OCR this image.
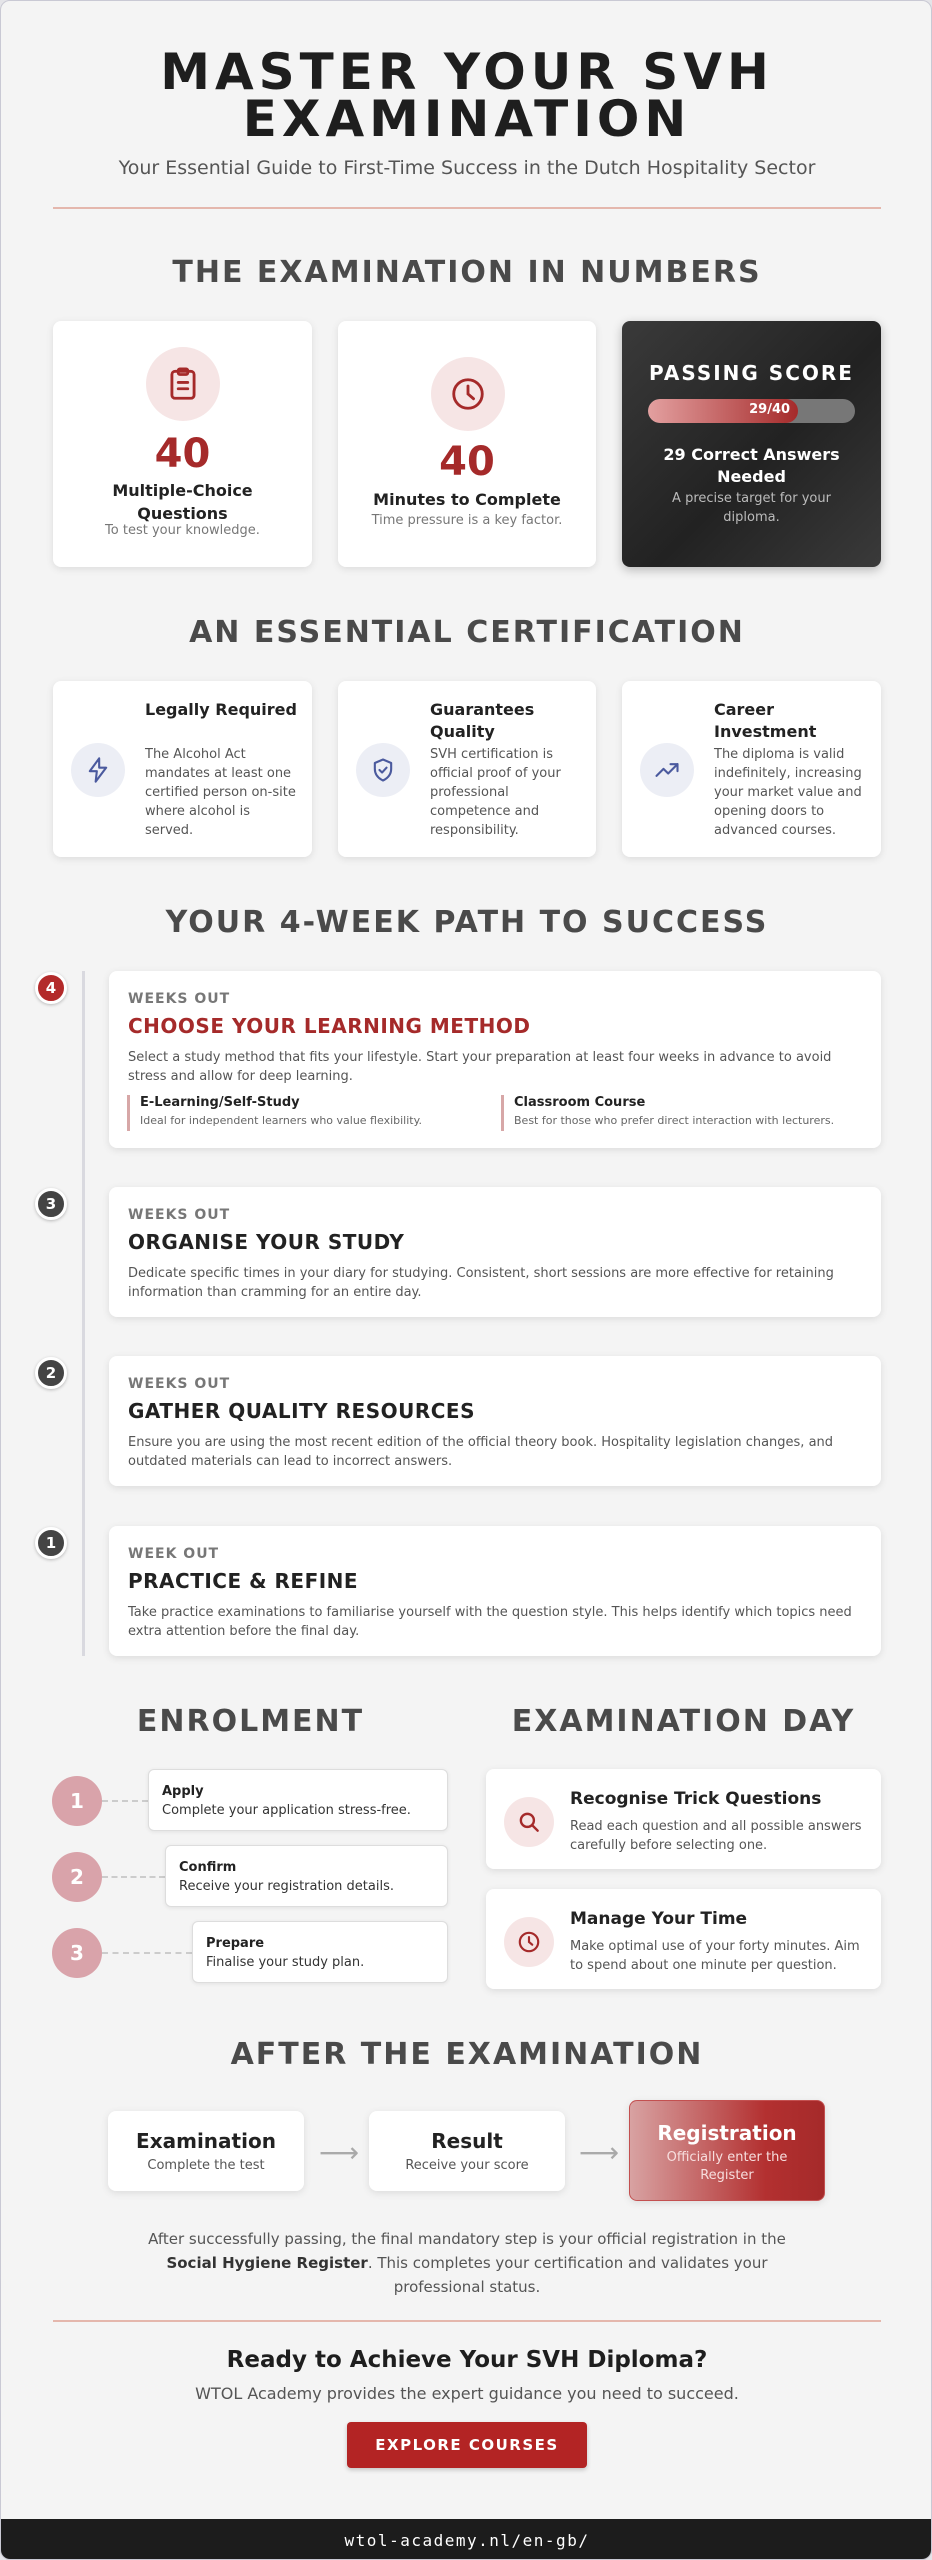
MASTER YOUR SVH
EXAMINATION
Your Essential Guide to First-Time Success in the Dutch Hospitality Sector
THE EXAMINATION IN NUMBERS
40
Multiple-Choice Questions
To test your knowledge.
40
Minutes to Complete
Time pressure is a key factor.
PASSING SCORE
29/40
29 Correct Answers Needed
A precise target for your diploma.
AN ESSENTIAL CERTIFICATION
Legally Required
The Alcohol Act mandates at least one certified person on-site where alcohol is served.
Guarantees Quality
SVH certification is official proof of your professional competence and responsibility.
Career Investment
The diploma is valid indefinitely, increasing your market value and opening doors to advanced courses.
YOUR 4-WEEK PATH TO SUCCESS
4
WEEKS OUT
CHOOSE YOUR LEARNING METHOD
Select a study method that fits your lifestyle. Start your preparation at least four weeks in advance to avoid stress and allow for deep learning.
E-Learning/Self-Study
Ideal for independent learners who value flexibility.
Classroom Course
Best for those who prefer direct interaction with lecturers.
3
WEEKS OUT
ORGANISE YOUR STUDY
Dedicate specific times in your diary for studying. Consistent, short sessions are more effective for retaining information than cramming for an entire day.
2
WEEKS OUT
GATHER QUALITY RESOURCES
Ensure you are using the most recent edition of the official theory book. Hospitality legislation changes, and outdated materials can lead to incorrect answers.
1
WEEK OUT
PRACTICE & REFINE
Take practice examinations to familiarise yourself with the question style. This helps identify which topics need extra attention before the final day.
ENROLMENT
1	Apply
Complete your application stress-free.
2	Confirm
Receive your registration details.
3	Prepare
Finalise your study plan.
EXAMINATION DAY
Recognise Trick Questions
Read each question and all possible answers carefully before selecting one.
Manage Your Time
Make optimal use of your forty minutes. Aim to spend about one minute per question.
AFTER THE EXAMINATION
Examination
Complete the test	⟶	Result
Receive your score	⟶
Registration
Officially enter the Register
After successfully passing, the final mandatory step is your official registration in the Social Hygiene Register. This completes your certification and validates your professional status.
Ready to Achieve Your SVH Diploma?
WTOL Academy provides the expert guidance you need to succeed.
EXPLORE COURSES
wtol-academy.nl/en-gb/
